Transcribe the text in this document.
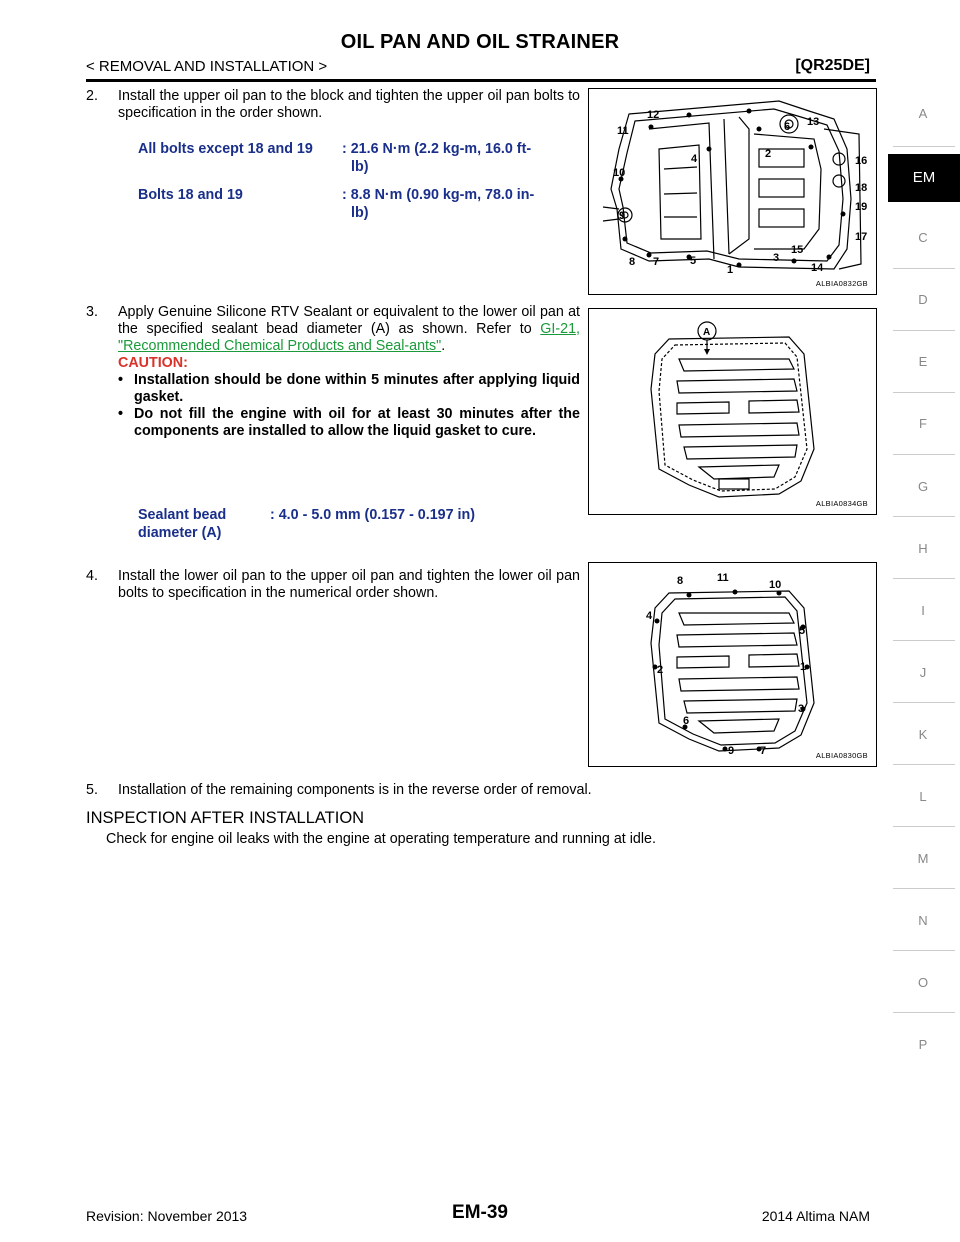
OIL PAN AND OIL STRAINER
< REMOVAL AND INSTALLATION >	[QR25DE]
2. Install the upper oil pan to the block and tighten the upper oil pan bolts to specification in the order shown.
All bolts except 18 and 19	: 21.6 N·m (2.2 kg-m, 16.0 ft-
lb)
Bolts 18 and 19	: 8.8 N·m (0.90 kg-m, 78.0 in-
lb)
12
11	6 13
4	2
16
10
18
19
9
17
15
3
8 7	5
1	14
ALBIA0832GB
3. Apply Genuine Silicone RTV Sealant or equivalent to the lower oil pan at the specified sealant bead diameter (A) as shown. Refer to GI-21, "Recommended Chemical Products and Seal-ants".
CAUTION:
• Installation should be done within 5 minutes after applying liquid gasket.
• Do not fill the engine with oil for at least 30 minutes after the components are installed to allow the liquid gasket to cure.
Sealant bead
diameter (A)
: 4.0 - 5.0 mm (0.157 - 0.197 in)
A
ALBIA0834GB
4. Install the lower oil pan to the upper oil pan and tighten the lower oil pan bolts to specification in the numerical order shown.
8	11
10
4
5
2	1
3
6
9 7	ALBIA0830GB
5. Installation of the remaining components is in the reverse order of removal.
INSPECTION AFTER INSTALLATION
Check for engine oil leaks with the engine at operating temperature and running at idle.
A
EM
C
D
E
F
G
H
I
J
K
L
M
N
O
P
Revision: November 2013	EM-39	2014 Altima NAM
